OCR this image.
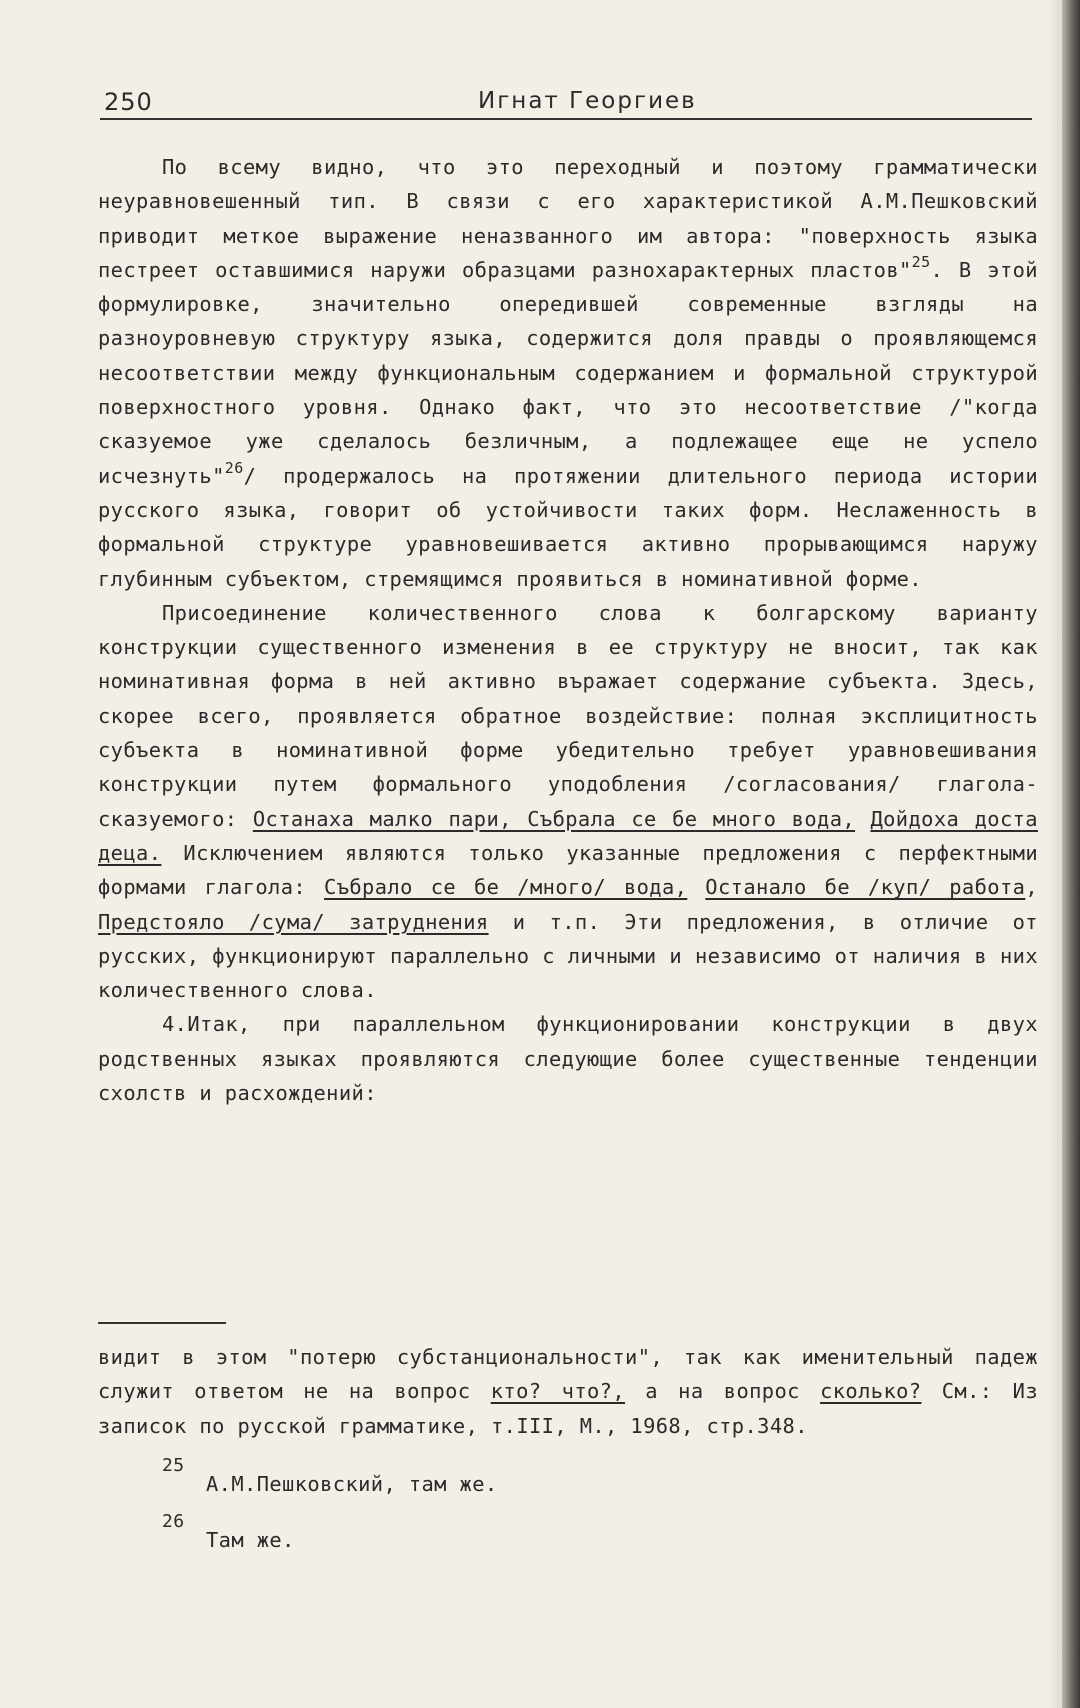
250	Игнат Георгиев

По всему видно, что это переходный и поэтому грамматически неуравновешенный тип. В связи с его характеристикой А.М.Пешковский приводит меткое выражение неназванного им автора: "поверхность языка пестреет оставшимися наружи образцами разнохарактерных пластов"$^{25}$. В этой формулировке, значительно опередившей современные взгляды на разноуровневую структуру языка, содержится доля правды о проявляющемся несоответствии между функциональным содержанием и формальной структурой поверхностного уровня. Однако факт, что это несоответствие /"когда сказуемое уже сделалось безличным, а подлежащее еще не успело исчезнуть"$^{26}$/ продержалось на протяжении длительного периода истории русского языка, говорит об устойчивости таких форм. Неслаженность в формальной структуре уравновешивается активно прорывающимся наружу глубинным субъектом, стремящимся проявиться в номинативной форме.

Присоединение количественного слова к болгарскому варианту конструкции существенного изменения в ее структуру не вносит, так как номинативная форма в ней активно въражает содержание субъекта. Здесь, скорее всего, проявляется обратное воздействие: полная эксплицитность субъекта в номинативной форме убедительно требует уравновешивания конструкции путем формального уподобления /согласования/ глагола-сказуемого: Останаха малко пари, Събрала се бе много вода, Дойдоха доста деца. Исключением являются только указанные предложения с перфектными формами глагола: Събрало се бе /много/ вода, Останало бе /куп/ работа, Предстояло /сума/ затруднения и т.п. Эти предложения, в отличие от русских, функционируют параллельно с личными и независимо от наличия в них количественного слова.

4.Итак, при параллельном функционировании конструкции в двух родственных языках проявляются следующие более существенные тенденции схолств и расхождений:

видит в этом "потерю субстанциональности", так как именительный падеж служит ответом не на вопрос кто? что?, а на вопрос сколько? См.: Из записок по русской грамматике, т.III, М., 1968, стр.348.

25
А.М.Пешковский, там же.
26
Там же.
